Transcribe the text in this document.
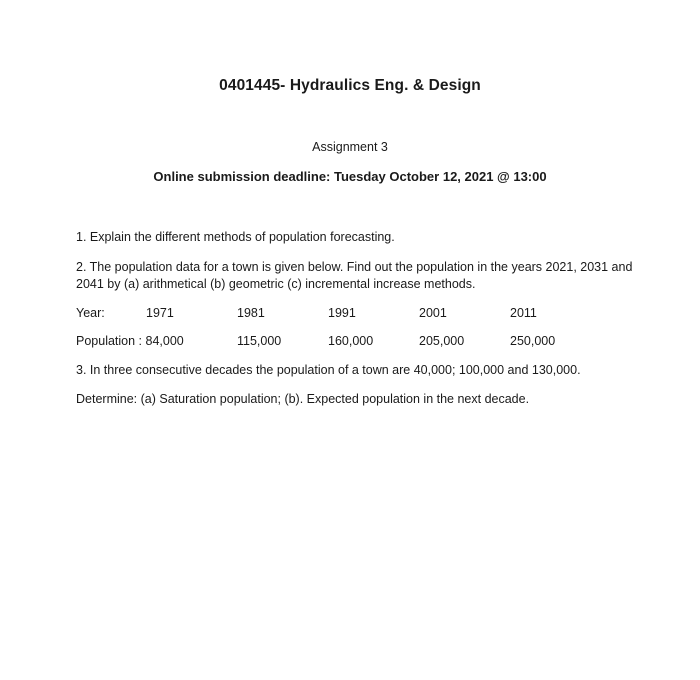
0401445- Hydraulics Eng. & Design
Assignment 3
Online submission deadline: Tuesday October 12, 2021 @ 13:00
1. Explain the different methods of population forecasting.
2. The population data for a town is given below. Find out the population in the years 2021, 2031 and
2041 by (a) arithmetical (b) geometric (c) incremental increase methods.
Year:	1971	1981	1991	2001	2011
Population : 84,000	115,000	160,000	205,000	250,000
3. In three consecutive decades the population of a town are 40,000; 100,000 and 130,000.
Determine: (a) Saturation population; (b). Expected population in the next decade.
